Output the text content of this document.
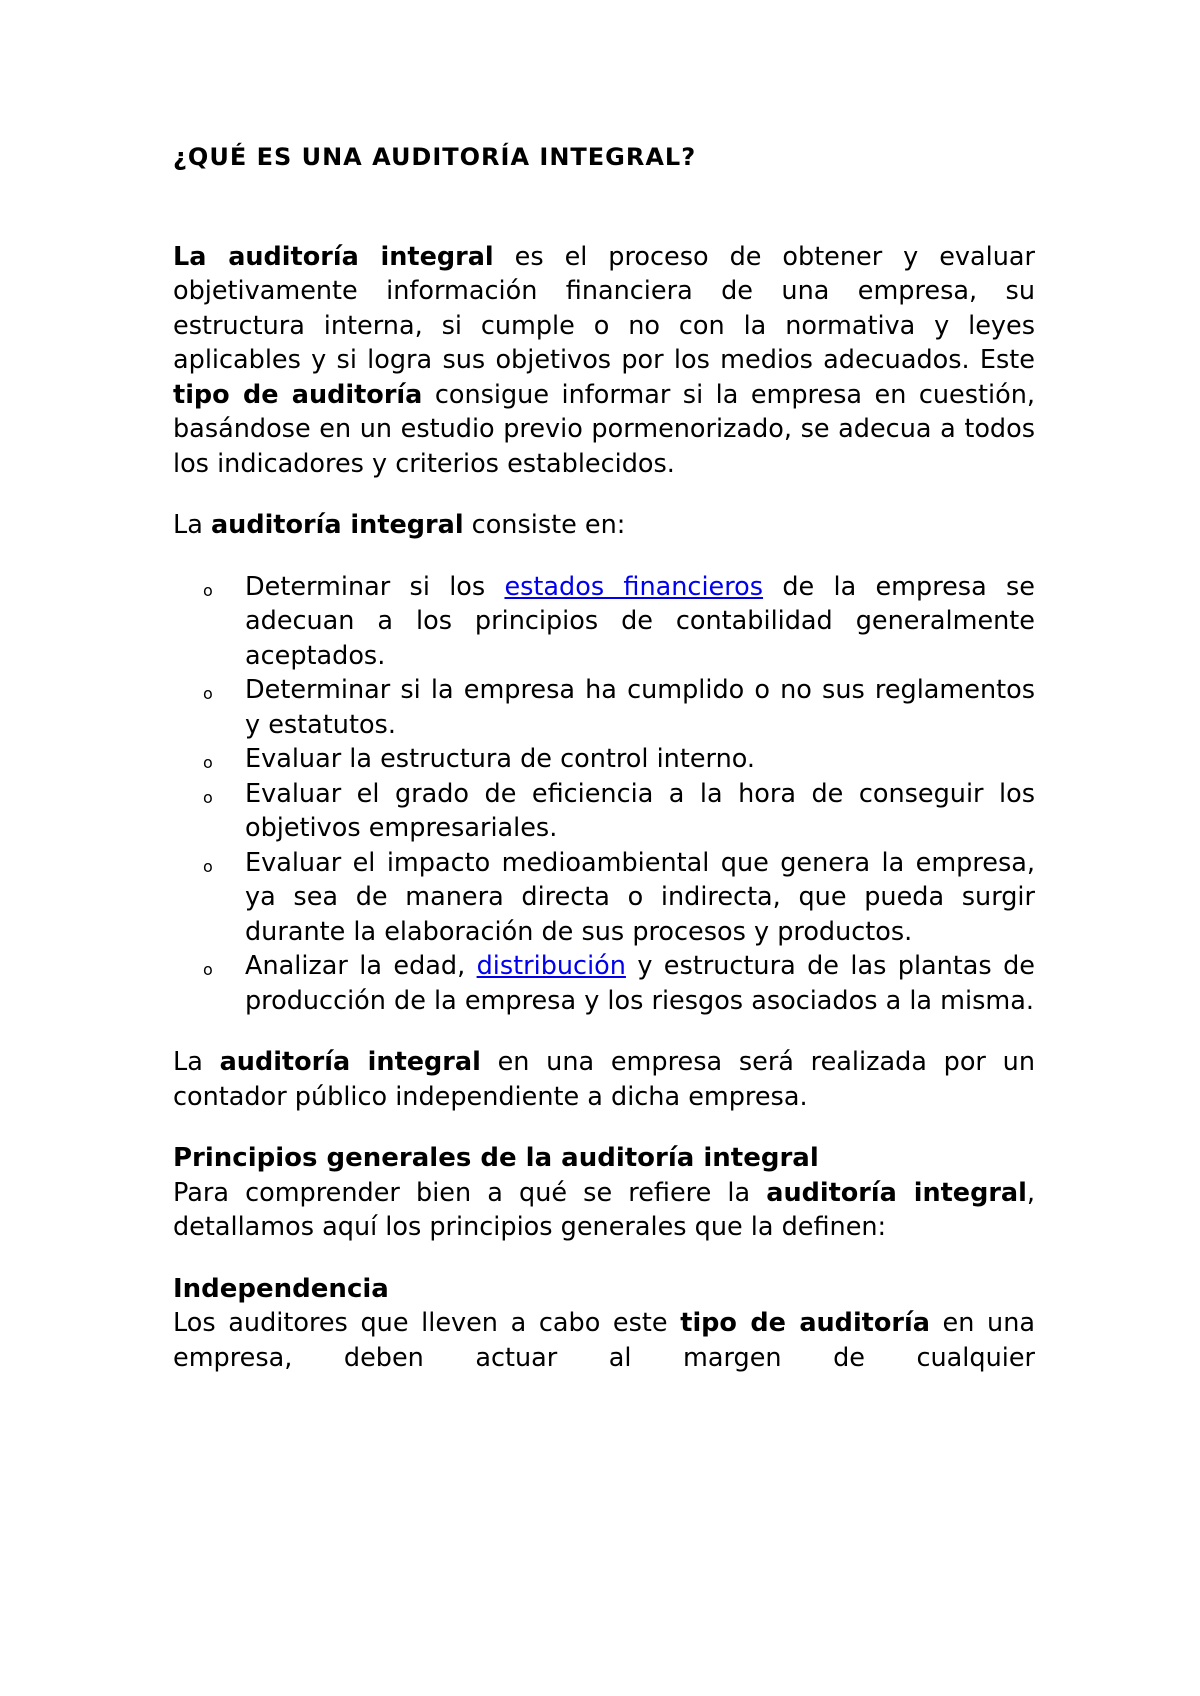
¿QUÉ ES UNA AUDITORÍA INTEGRAL?

La auditoría integral es el proceso de obtener y evaluar objetivamente información financiera de una empresa, su estructura interna, si cumple o no con la normativa y leyes aplicables y si logra sus objetivos por los medios adecuados. Este tipo de auditoría consigue informar si la empresa en cuestión, basándose en un estudio previo pormenorizado, se adecua a todos los indicadores y criterios establecidos.

La auditoría integral consiste en:

o Determinar si los estados financieros de la empresa se adecuan a los principios de contabilidad generalmente aceptados.
o Determinar si la empresa ha cumplido o no sus reglamentos y estatutos.
o Evaluar la estructura de control interno.
o Evaluar el grado de eficiencia a la hora de conseguir los objetivos empresariales.
o Evaluar el impacto medioambiental que genera la empresa, ya sea de manera directa o indirecta, que pueda surgir durante la elaboración de sus procesos y productos.
o Analizar la edad, distribución y estructura de las plantas de producción de la empresa y los riesgos asociados a la misma.

La auditoría integral en una empresa será realizada por un contador público independiente a dicha empresa.

Principios generales de la auditoría integral

Para comprender bien a qué se refiere la auditoría integral, detallamos aquí los principios generales que la definen:

Independencia

Los auditores que lleven a cabo este tipo de auditoría en una empresa, deben actuar al margen de cualquier
